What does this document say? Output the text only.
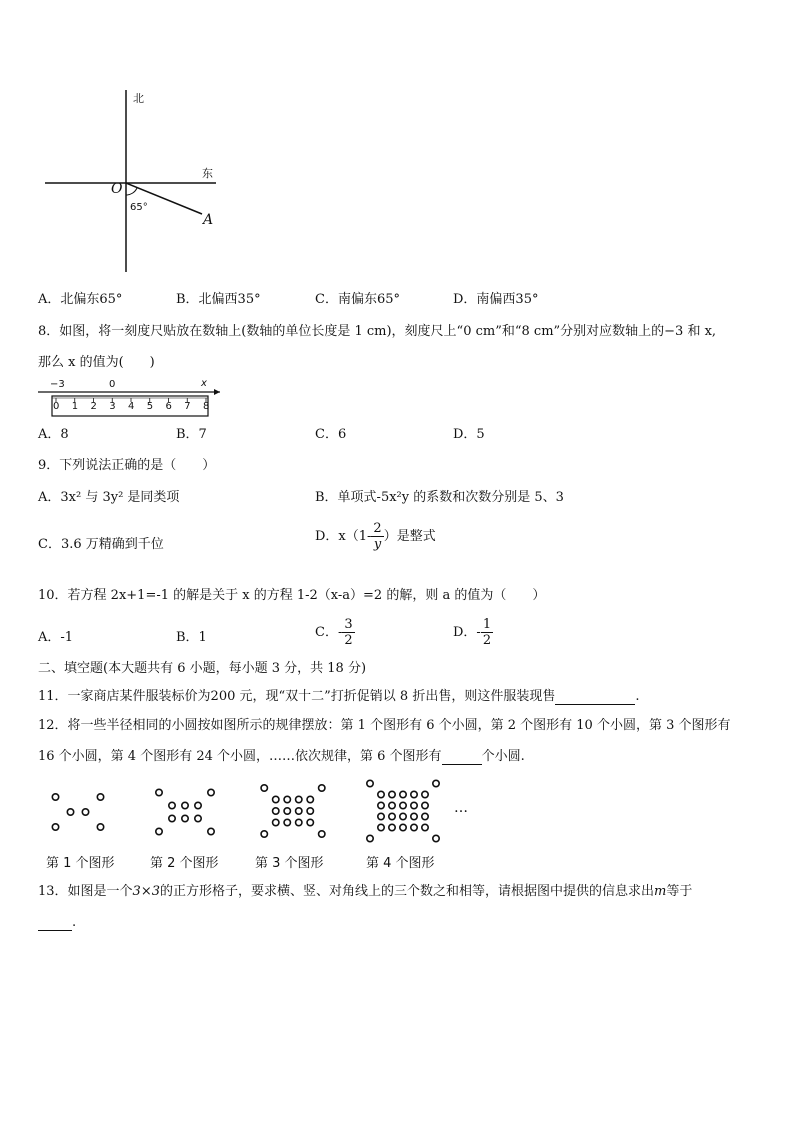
北
东
O
A
65°
A．北偏东65°	B．北偏西35°	C．南偏东65°	D．南偏西35°
8．如图，将一刻度尺贴放在数轴上(数轴的单位长度是 1 cm)，刻度尺上“0 cm”和“8 cm”分别对应数轴上的−3 和 x,
那么 x 的值为(　　)
−3	0	x
0 1 2 3 4 5 6 7 8
A．8	B．7	C．6	D．5
9．下列说法正确的是（　　）
A．3x² 与 3y² 是同类项	B．单项式-5x²y 的系数和次数分别是 5、3
C．3.6 万精确到千位
D．$x(1- \frac{2}{y}$ ）是整式
10．若方程 2x+1=-1 的解是关于 x 的方程 1-2（x-a）=2 的解，则 a 的值为（　　）
A．-1	B．1	C．- $\frac{3}{2}$	D．- $\frac{1}{2}$
二、填空题(本大题共有 6 小题，每小题 3 分，共 18 分)
11．一家商店某件服装标价为200 元，现“双十二”打折促销以 8 折出售，则这件服装现售	.
12．将一些半径相同的小圆按如图所示的规律摆放：第 1 个图形有 6 个小圆，第 2 个图形有 10 个小圆，第 3 个图形有
16 个小圆，第 4 个图形有 24 个小圆，……依次规律，第 6 个图形有	个小圆.
…
第 1 个图形	第 2 个图形	第 3 个图形	第 4 个图形
13．如图是一个3×3的正方形格子，要求横、竖、对角线上的三个数之和相等，请根据图中提供的信息求出m等于
.
